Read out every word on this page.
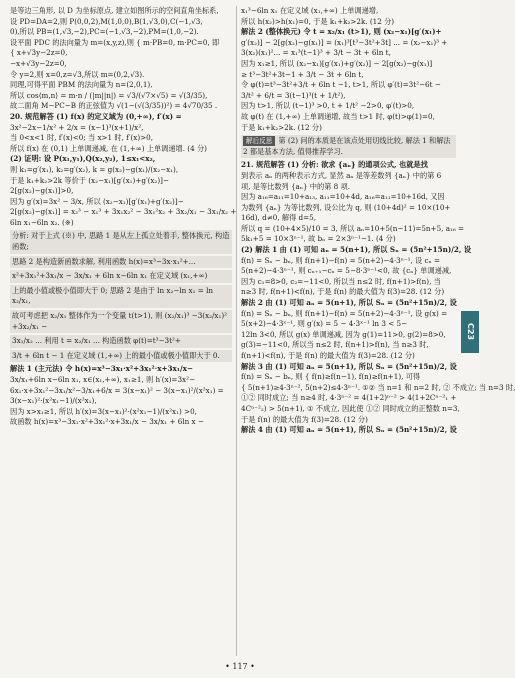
是等边三角形, 以 D 为坐标原点, 建立如图所示的空间直角坐标系,
设 PD=DA=2,则 P(0,0,2),M(1,0,0),B(1,√3,0),C(−1,√3,
0),所以 PB=(1,√3,−2),PC=(−1,√3,−2),PM=(1,0,−2).
设平面 PDC 的法向量为 m=(x,y,z),则 { m·PB=0, m·PC=0, 即
{ x+√3y−2z=0,
−x+√3y−2z=0,
令 y=2,则 x=0,z=√3,所以 m=(0,2,√3).
同理,可得平面 PBM 的法向量为 n=(2,0,1),
所以 cos⟨m,n⟩ = m·n / (|m||n|) = √3/(√7×√5) = √(3/35),
故二面角 M−PC−B 的正弦值为 √(1−(√(3/35))²) = 4√70/35 .
20. 规范解答 (1) f(x) 的定义域为 (0,+∞), f′(x) =
3x²−2x−1/x² + 2/x = (x−1)³(x+1)/x²,
当 0<x<1 时, f′(x)<0; 当 x>1 时, f′(x)>0,
所以 f(x) 在 (0,1) 上单调递减, 在 (1,+∞) 上单调递增. (4 分)
(2) 证明: 设 P(x₁,y₁),Q(x₂,y₂), 1≤x₁<x₂,
则 k₁=g′(x₁), k₂=g′(x₂), k = g(x₂)−g(x₁)/(x₂−x₁),
于是 k₁+k₂>2k 等价于 (x₂−x₁)[g′(x₁)+g′(x₂)]−
2[g(x₂)−g(x₁)]>0,
因为 g′(x)=3x² − 3/x, 所以 (x₂−x₁)[g′(x₁)+g′(x₂)]−
2[g(x₂)−g(x₁)] = x₂³ − x₁³ + 3x₁x₂² − 3x₁²x₂ + 3x₂/x₁ − 3x₁/x₂ +
6ln x₁−6ln x₂. (※)
分析: 对于上式 (※) 中, 思路 1 是从左上孤立处着手, 整体换元, 构造函数;
思路 2 是构造新函数求解, 利用函数 h(x)=x³−3x·x₁²+...
x²+3x₁²+3x₁/x − 3x/x₁ + 6ln x−6ln x₁ 在定义域 (x₁,+∞)
上的最小值或极小值即大于 0; 思路 2 是由于 ln x₂−ln x₁ = ln x₂/x₁,
故可考虑把 x₂/x₁ 整体作为一个变量 t(t>1), 则 (x₂/x₁)³ −3(x₂/x₁)² +3x₂/x₁ −
3x₁/x₂ ... 利用 t = x₂/x₁ ... 构造函数 φ(t)=t³−3t²+
3/t + 6ln t − 1 在定义域 (1,+∞) 上的最小值或极小值即大于 0.
解法 1 (主元法) 令 h(x)=x³−3x₁·x²+3x₁²·x+3x₁/x−
3x/x₁+6ln x−6ln x₁, x∈(x₁,+∞), x₁≥1, 则 h′(x)=3x²−
6x₁·x+3x₁²−3x₁/x²−3/x₁+6/x = 3(x−x₁)² − 3(x−x₁)²/(x²x₁) =
3(x−x₁)²·(x²x₁−1)/(x²x₁),
因为 x>x₁≥1, 所以 h′(x)=3(x−x₁)²·(x²x₁−1)/(x²x₁) >0,
故函数 h(x)=x³−3x₁·x²+3x₁²·x+3x₁/x − 3x/x₁ + 6ln x −
x₁³−6ln x₁ 在定义域 (x₁,+∞) 上单调递增,
所以 h(x₂)>h(x₁)=0, 于是 k₁+k₂>2k. (12 分)
解法 2 (整体换元) 令 t = x₂/x₁ (t>1), 则 (x₂−x₁)[g′(x₁)+
g′(x₂)] − 2[g(x₂)−g(x₁)] = (x₁)³[t³−3t²+3t] ... = (x₂−x₁)³ +
3(x₂)(x₁)²... = x₁³(t−1)³ + 3/t − 3t + 6ln t,
因为 x₁≥1, 所以 (x₂−x₁)[g′(x₁)+g′(x₂)] − 2[g(x₂)−g(x₁)]
≥ t³−3t²+3t−1 + 3/t − 3t + 6ln t,
令 φ(t)=t³−3t²+3/t + 6ln t −1, t>1, 所以 φ′(t)=3t²−6t −
3/t² + 6/t = 3(t−1)³(t + 1/t²),
因为 t>1, 所以 (t−1)³ >0, t + 1/t² −2>0, φ′(t)>0,
故 φ(t) 在 (1,+∞) 上单调递增, 故当 t>1 时, φ(t)>φ(1)=0,
于是 k₁+k₂>2k. (12 分)
解后反思 第 (2) 问的本质是在该点处用切线比较, 解法 1 和解法 2 都是基本方法, 值得推荐学习.
21. 规范解答 (1) 分析: 欲求 {aₙ} 的通项公式, 也就是找
到表示 aₙ 的两种表示方式, 显然 aₙ 是等差数列 {aₙ} 中的第 6
项, 是等比数列 {aₙ} 中的第 8 项.
因为 a₁₆=a₁₁=10+a₁₃, a₁₁=10+4d, a₁₆=a₁₁=10+16d, 又因
为数列 {aₙ} 为等比数列, 设公比为 q, 则 (10+4d)² = 10×(10+
16d), d≠0, 解得 d=5,
所以 q = (10+4×5)/10 = 3, 所以 aₙ=10+5(n−11)=5n+5, a₁₆ =
5k₁+5 = 10×3ⁿ⁻¹, 故 bₙ = 2×3ⁿ⁻¹−1. (4 分)
(2) 解法 1 由 (1) 可知 aₙ = 5(n+1), 所以 Sₙ = (5n²+15n)/2, 设
f(n) = Sₙ − bₙ, 则 f(n+1)−f(n) = 5(n+2)−4·3ⁿ⁻¹, 设 cₙ =
5(n+2)−4·3ⁿ⁻¹, 则 cₙ₊₁−cₙ = 5−8·3ⁿ⁻¹<0, 故 {cₙ} 单调递减,
因为 c₁=8>0, c₂=−11<0, 所以当 n≤2 时, f(n+1)>f(n), 当
n≥3 时, f(n+1)<f(n), 于是 f(n) 的最大值为 f(3)=28. (12 分)
解法 2 由 (1) 可知 aₙ = 5(n+1), 所以 Sₙ = (5n²+15n)/2, 设
f(n) = Sₙ − bₙ, 则 f(n+1)−f(n) = 5(n+2)−4·3ⁿ⁻¹, 设 g(x) =
5(x+2)−4·3ˣ⁻¹, 则 g′(x) = 5 − 4·3ˣ⁻¹ ln 3 < 5−
12ln 3<0, 所以 g(x) 单调递减, 因为 g(1)=11>0, g(2)=8>0,
g(3)=−11<0, 所以当 n≤2 时, f(n+1)>f(n), 当 n≥3 时,
f(n+1)<f(n), 于是 f(n) 的最大值为 f(3)=28. (12 分)
解法 3 由 (1) 可知 aₙ = 5(n+1), 所以 Sₙ = (5n²+15n)/2, 设
f(n) = Sₙ − bₙ, 则 { f(n)≥f(n−1), f(n)≥f(n+1), 可得
{ 5(n+1)≥4·3ⁿ⁻², 5(n+2)≤4·3ⁿ⁻¹. ①② 当 n=1 和 n=2 时, ② 不成立; 当 n=3 时,
①② 同时成立; 当 n≥4 时, 4·3ⁿ⁻² = 4(1+2)ⁿ⁻² > 4(1+2Cⁿ⁻²₁ +
4Cⁿ⁻²₂) > 5(n+1), ① 不成立, 因此使 ①② 同时成立的正整数 n=3,
于是 f(n) 的最大值为 f(3)=28. (12 分)
解法 4 由 (1) 可知 aₙ = 5(n+1), 所以 Sₙ = (5n²+15n)/2, 设
C23
• 117 •
